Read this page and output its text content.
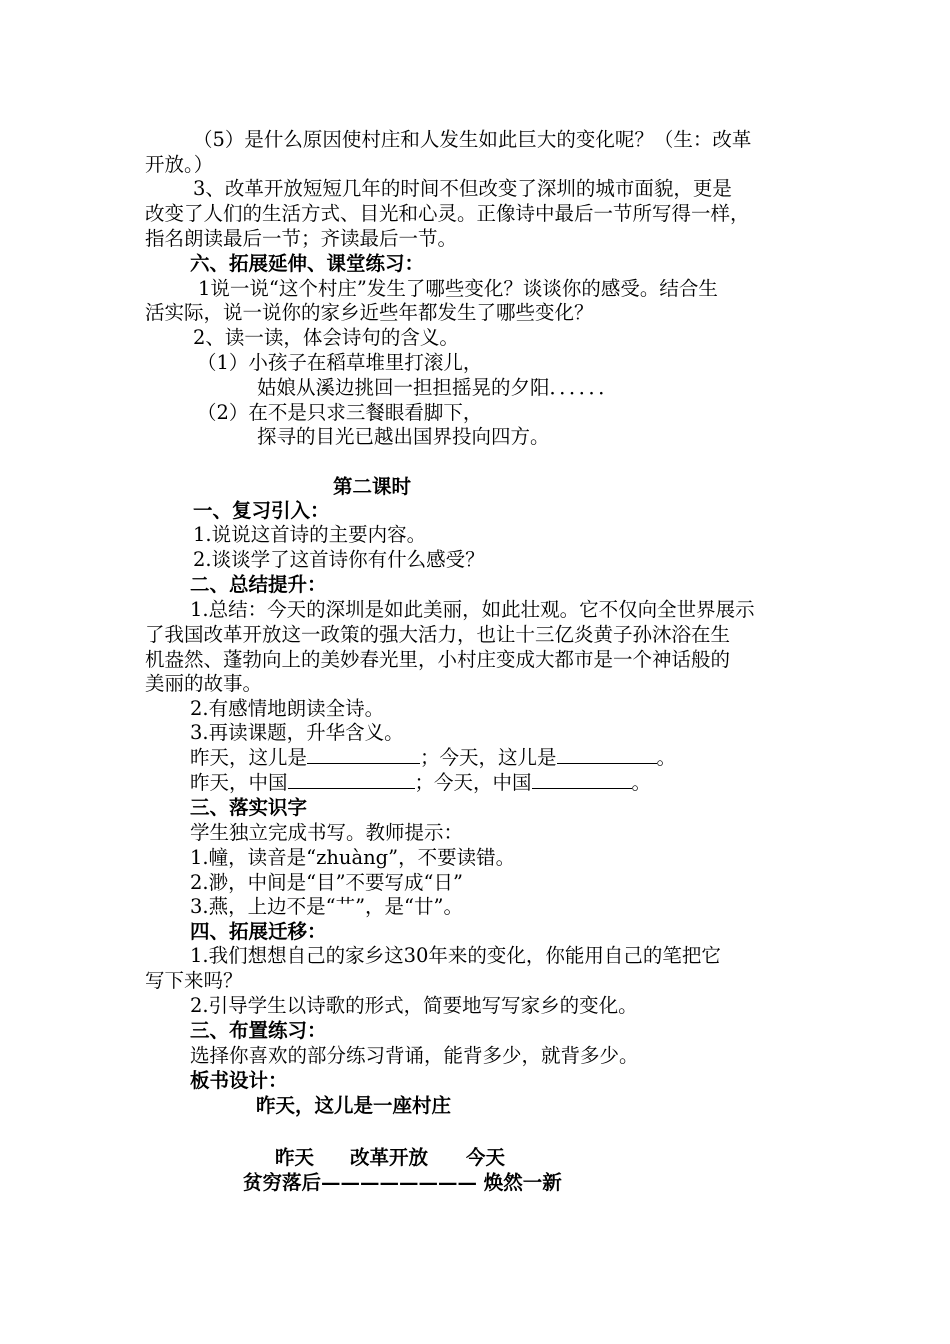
（5）是什么原因使村庄和人发生如此巨大的变化呢？（生：改革
开放。）
3、改革开放短短几年的时间不但改变了深圳的城市面貌，更是
改变了人们的生活方式、目光和心灵。正像诗中最后一节所写得一样，
指名朗读最后一节；齐读最后一节。
六、拓展延伸、课堂练习：
1说一说“这个村庄”发生了哪些变化？谈谈你的感受。结合生
活实际，说一说你的家乡近些年都发生了哪些变化？
2、读一读，体会诗句的含义。
（1）小孩子在稻草堆里打滚儿，
姑娘从溪边挑回一担担摇晃的夕阳．．．．．．
（2）在不是只求三餐眼看脚下，
探寻的目光已越出国界投向四方。
第二课时
一、复习引入：
1.说说这首诗的主要内容。
2.谈谈学了这首诗你有什么感受？
二、总结提升：
1.总结：今天的深圳是如此美丽，如此壮观。它不仅向全世界展示
了我国改革开放这一政策的强大活力，也让十三亿炎黄子孙沐浴在生
机盎然、蓬勃向上的美妙春光里，小村庄变成大都市是一个神话般的
美丽的故事。
2.有感情地朗读全诗。
3.再读课题，升华含义。
昨天，这儿是	；今天，这儿是	。
昨天，中国	；今天，中国	。
三、落实识字
学生独立完成书写。教师提示：
1.幢，读音是“zhuàng”，不要读错。
2.渺，中间是“目”不要写成“日”
3.燕，上边不是“艹”，是“廿”。
四、拓展迁移：
1.我们想想自己的家乡这30年来的变化，你能用自己的笔把它
写下来吗？
2.引导学生以诗歌的形式，简要地写写家乡的变化。
三、布置练习：
选择你喜欢的部分练习背诵，能背多少，就背多少。
板书设计：
昨天，这儿是一座村庄
昨天 改革开放 今天
贫穷落后———————— 焕然一新
